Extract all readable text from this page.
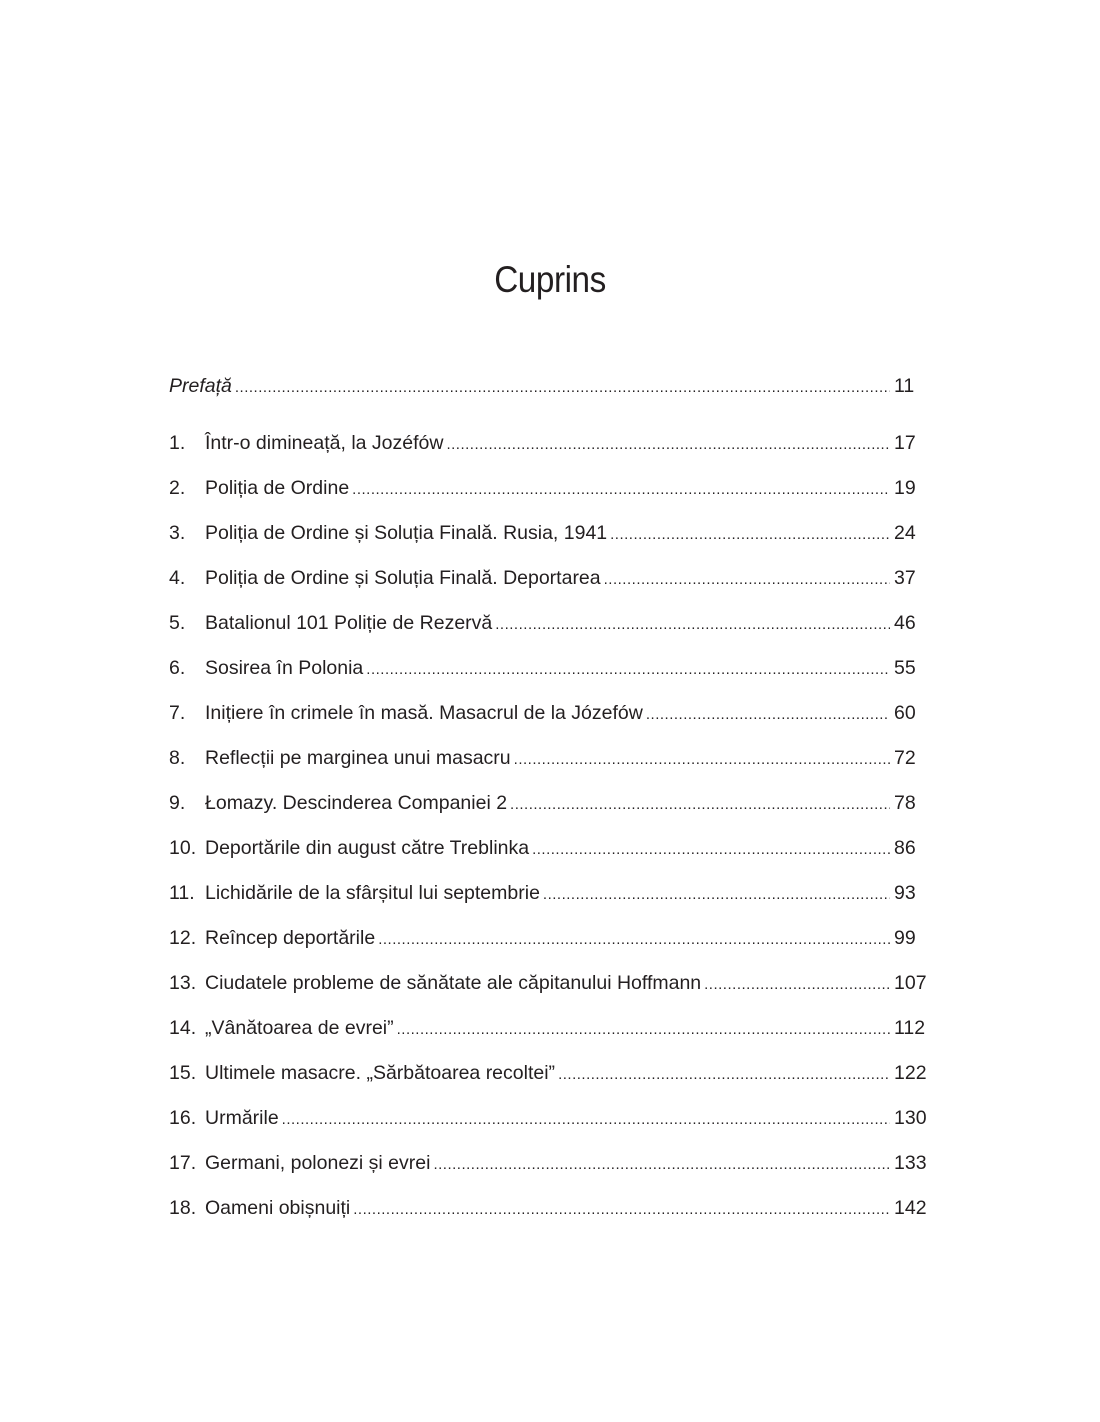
Cuprins
Prefață .....	11
1.	Într-o dimineață, la Jozéfów .....	17
2.	Poliția de Ordine .....	19
3.	Poliția de Ordine și Soluția Finală. Rusia, 1941 .....	24
4.	Poliția de Ordine și Soluția Finală. Deportarea .....	37
5.	Batalionul 101 Poliție de Rezervă .....	46
6.	Sosirea în Polonia .....	55
7.	Inițiere în crimele în masă. Masacrul de la Józefów .....	60
8.	Reflecții pe marginea unui masacru .....	72
9.	Łomazy. Descinderea Companiei 2 .....	78
10. Deportările din august către Treblinka .....	86
11. Lichidările de la sfârșitul lui septembrie .....	93
12. Reîncep deportările .....	99
13. Ciudatele probleme de sănătate ale căpitanului Hoffmann .....	107
14. „Vânătoarea de evrei” .....	112
15. Ultimele masacre. „Sărbătoarea recoltei” .....	122
16. Urmările .....	130
17. Germani, polonezi și evrei .....	133
18. Oameni obișnuiți .....	142
